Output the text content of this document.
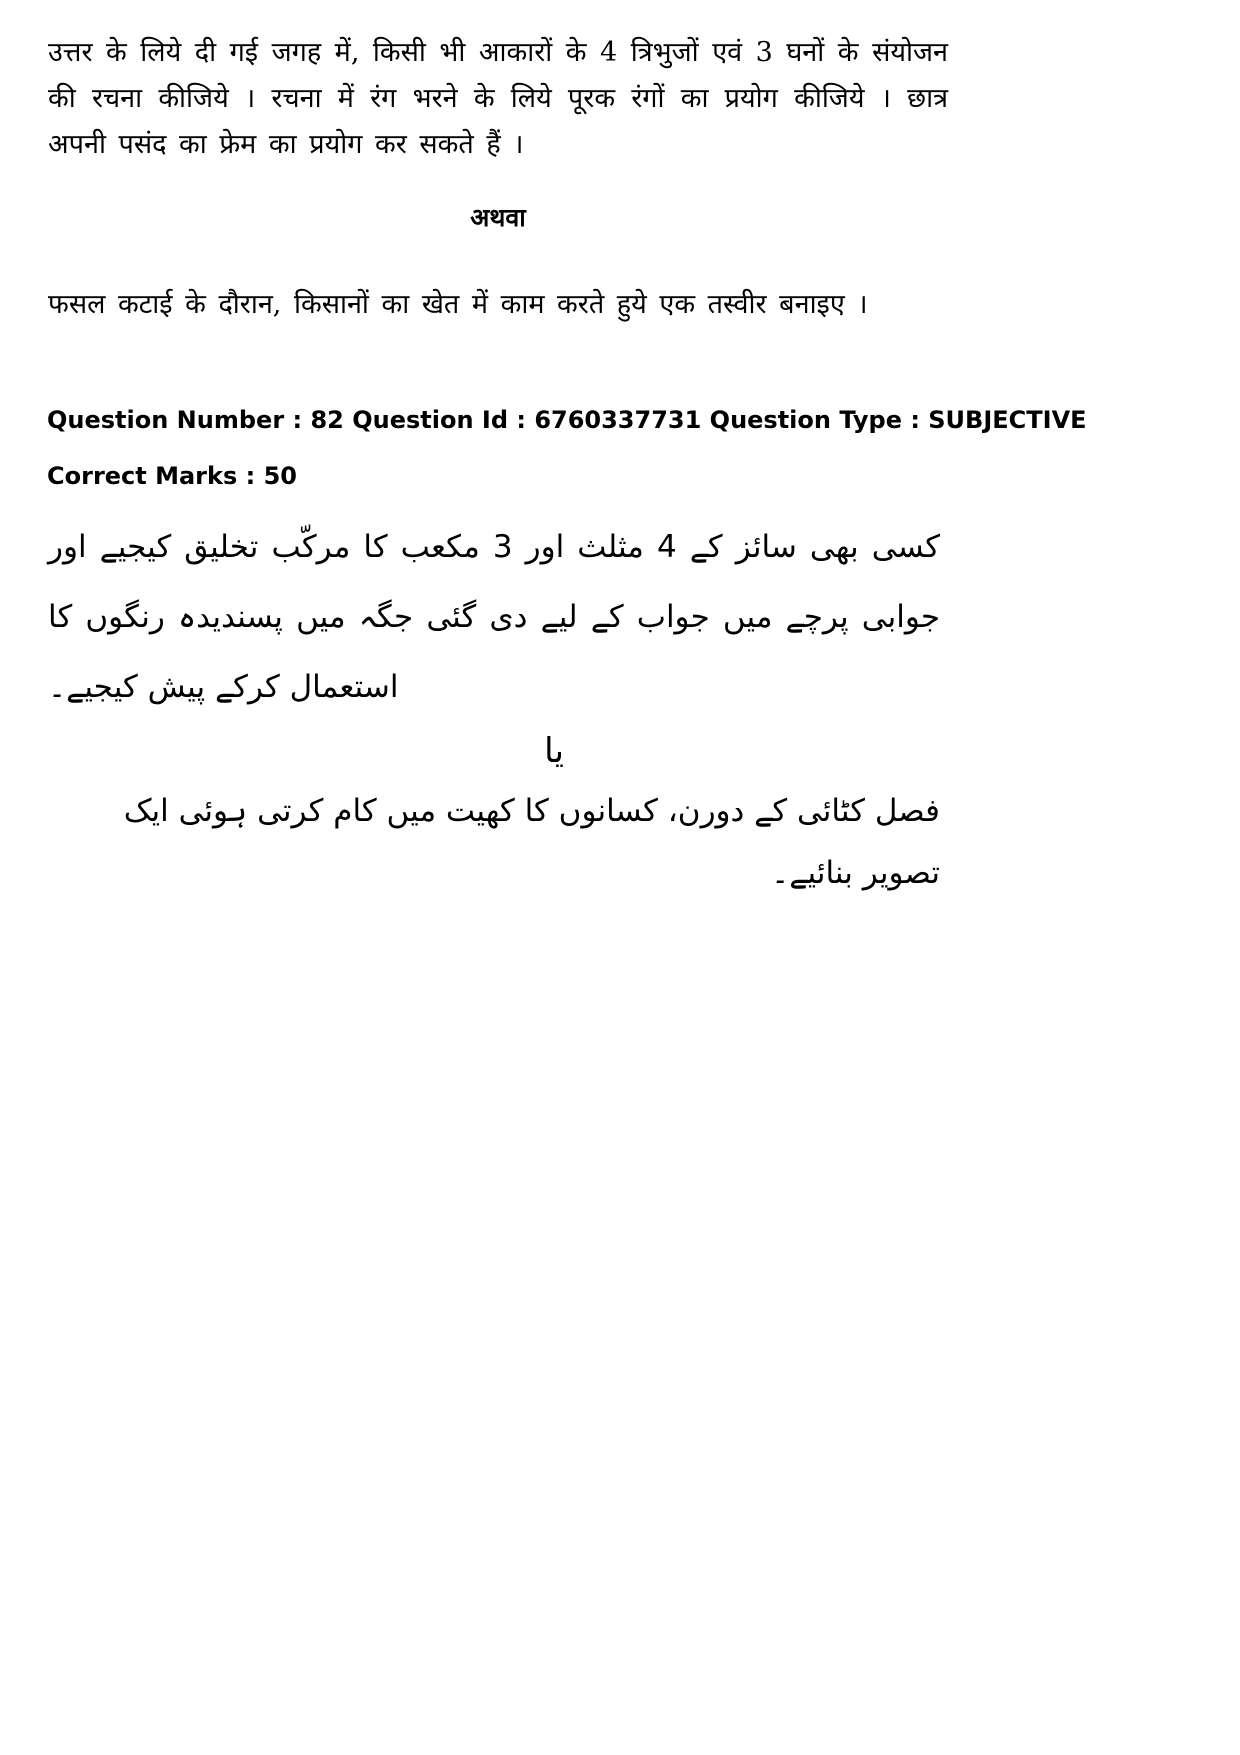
उत्तर के लिये दी गई जगह में, किसी भी आकारों के 4 त्रिभुजों एवं 3 घनों के संयोजन की रचना कीजिये । रचना में रंग भरने के लिये पूरक रंगों का प्रयोग कीजिये । छात्र अपनी पसंद का फ्रेम का प्रयोग कर सकते हैं ।

अथवा

फसल कटाई के दौरान, किसानों का खेत में काम करते हुये एक तस्वीर बनाइए ।

Question Number : 82 Question Id : 6760337731 Question Type : SUBJECTIVE
Correct Marks : 50

کسی بھی سائز کے 4 مثلث اور 3 مکعب کا مرکّب تخلیق کیجیے اور جوابی پرچے میں جواب کے لیے دی گئی جگہ میں پسندیدہ رنگوں کا استعمال کرکے پیش کیجیے۔

یا

فصل کٹائی کے دورن، کسانوں کا کھیت میں کام کرتی ہوئی ایک تصویر بنائیے۔
